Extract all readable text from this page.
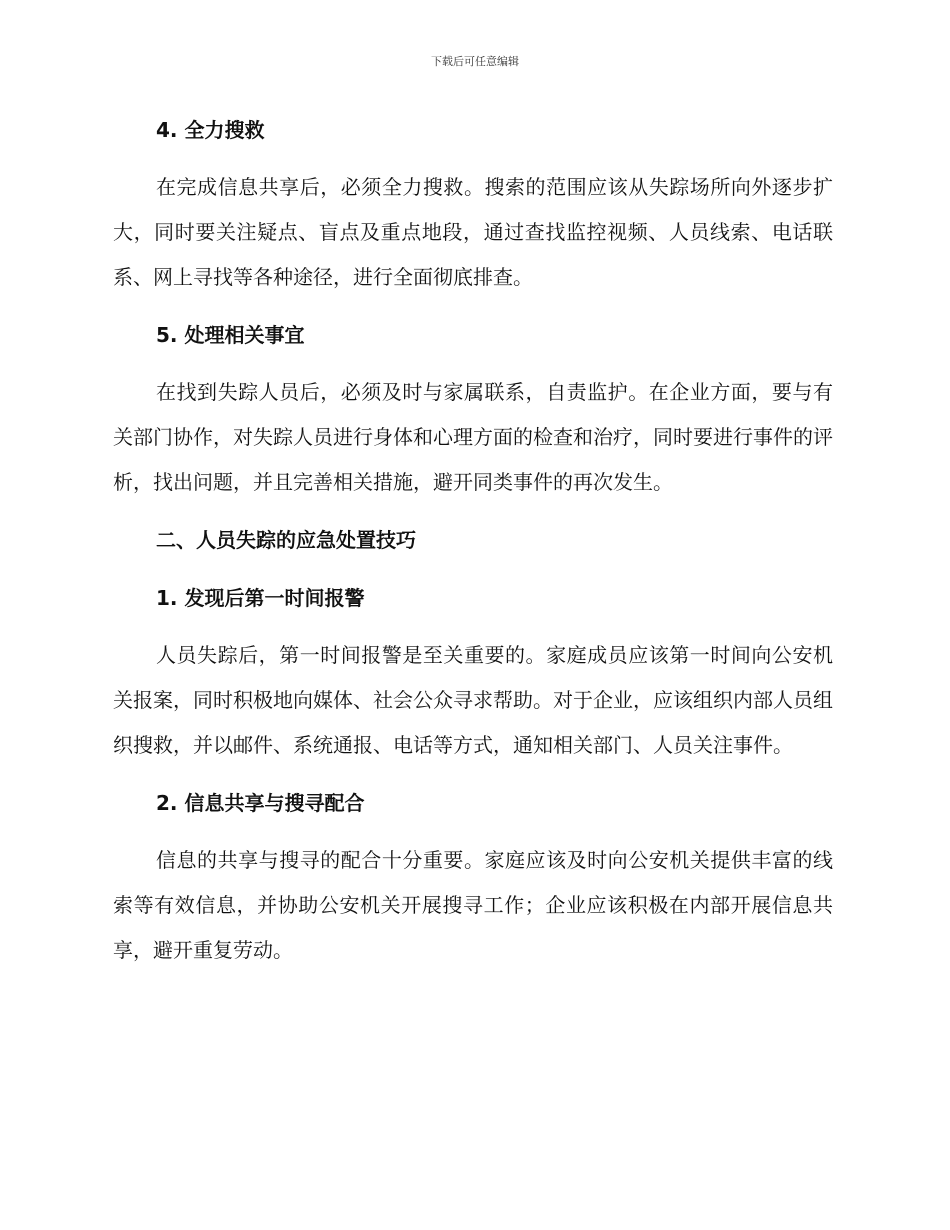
下载后可任意编辑
4. 全力搜救

在完成信息共享后，必须全力搜救。搜索的范围应该从失踪场所向外逐步扩大，同时要关注疑点、盲点及重点地段，通过查找监控视频、人员线索、电话联系、网上寻找等各种途径，进行全面彻底排查。

5. 处理相关事宜

在找到失踪人员后，必须及时与家属联系，自责监护。在企业方面，要与有关部门协作，对失踪人员进行身体和心理方面的检查和治疗，同时要进行事件的评析，找出问题，并且完善相关措施，避开同类事件的再次发生。

二、人员失踪的应急处置技巧
1. 发现后第一时间报警

人员失踪后，第一时间报警是至关重要的。家庭成员应该第一时间向公安机关报案，同时积极地向媒体、社会公众寻求帮助。对于企业，应该组织内部人员组织搜救，并以邮件、系统通报、电话等方式，通知相关部门、人员关注事件。

2. 信息共享与搜寻配合

信息的共享与搜寻的配合十分重要。家庭应该及时向公安机关提供丰富的线索等有效信息，并协助公安机关开展搜寻工作；企业应该积极在内部开展信息共享，避开重复劳动。
